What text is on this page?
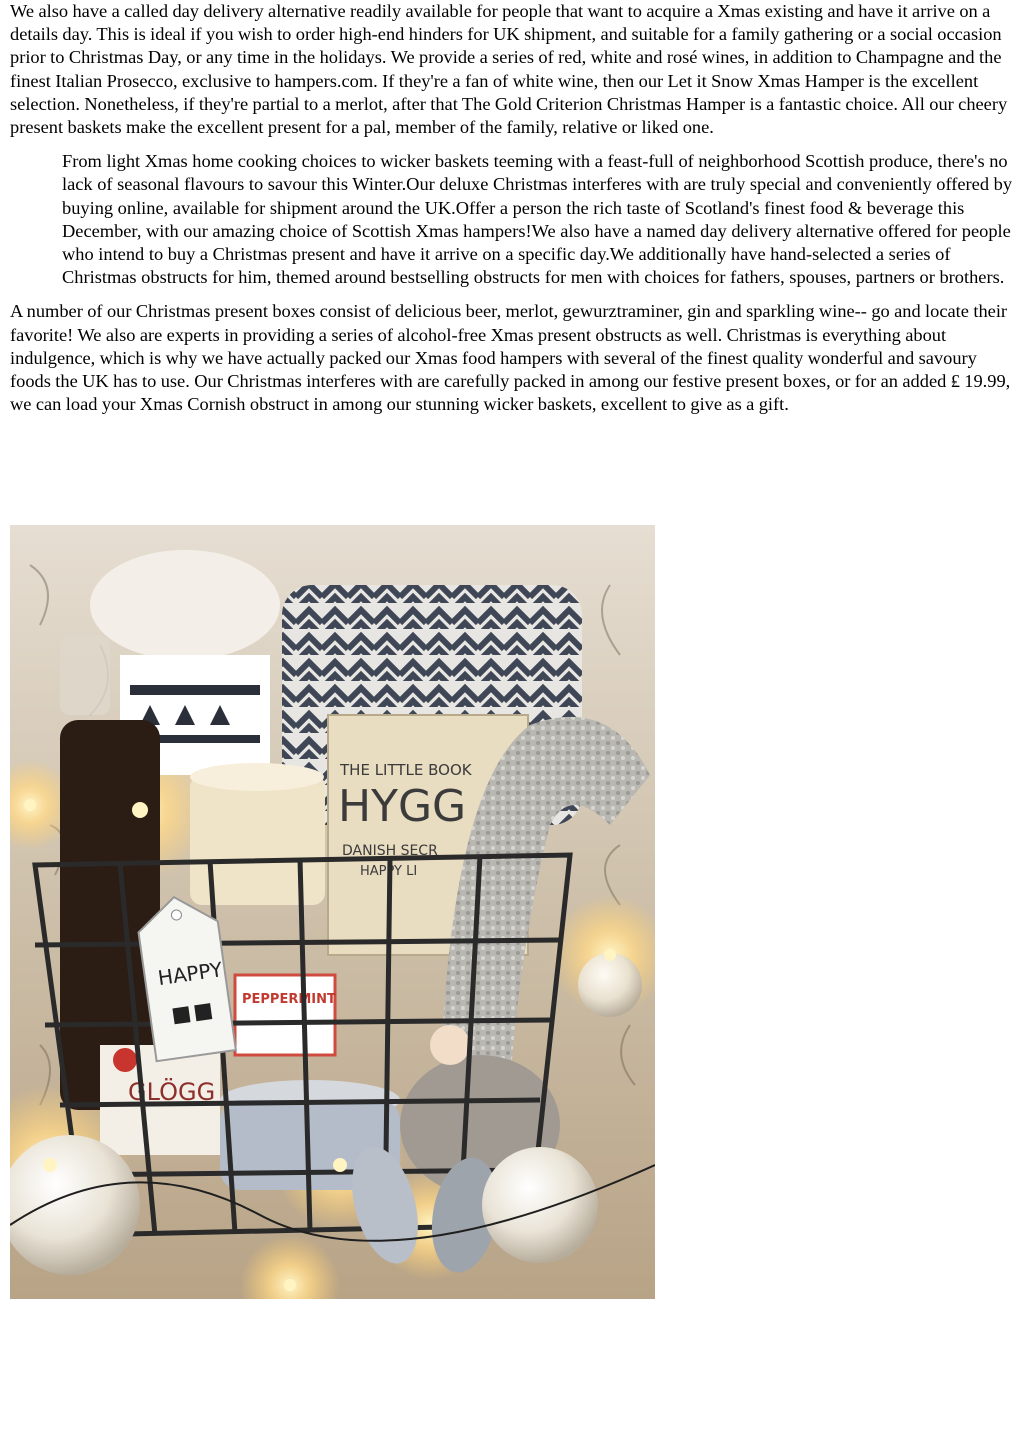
We also have a called day delivery alternative readily available for people that want to acquire a Xmas existing and have it arrive on a details day. This is ideal if you wish to order high-end hinders for UK shipment, and suitable for a family gathering or a social occasion prior to Christmas Day, or any time in the holidays. We provide a series of red, white and rosé wines, in addition to Champagne and the finest Italian Prosecco, exclusive to hampers.com. If they're a fan of white wine, then our Let it Snow Xmas Hamper is the excellent selection. Nonetheless, if they're partial to a merlot, after that The Gold Criterion Christmas Hamper is a fantastic choice. All our cheery present baskets make the excellent present for a pal, member of the family, relative or liked one.

From light Xmas home cooking choices to wicker baskets teeming with a feast-full of neighborhood Scottish produce, there's no lack of seasonal flavours to savour this Winter.Our deluxe Christmas interferes with are truly special and conveniently offered by buying online, available for shipment around the UK.Offer a person the rich taste of Scotland's finest food & beverage this December, with our amazing choice of Scottish Xmas hampers!We also have a named day delivery alternative offered for people who intend to buy a Christmas present and have it arrive on a specific day.We additionally have hand-selected a series of Christmas obstructs for him, themed around bestselling obstructs for men with choices for fathers, spouses, partners or brothers.

A number of our Christmas present boxes consist of delicious beer, merlot, gewurztraminer, gin and sparkling wine-- go and locate their favorite! We also are experts in providing a series of alcohol-free Xmas present obstructs as well. Christmas is everything about indulgence, which is why we have actually packed our Xmas food hampers with several of the finest quality wonderful and savoury foods the UK has to use. Our Christmas interferes with are carefully packed in among our festive present boxes, or for an added ₤ 19.99, we can load your Xmas Cornish obstruct in among our stunning wicker baskets, excellent to give as a gift.

THE LITTLE BOOK
HYGG
DANISH SECR
HAPPY LI
GLÖGG
PEPPERMINT
HAPPY
